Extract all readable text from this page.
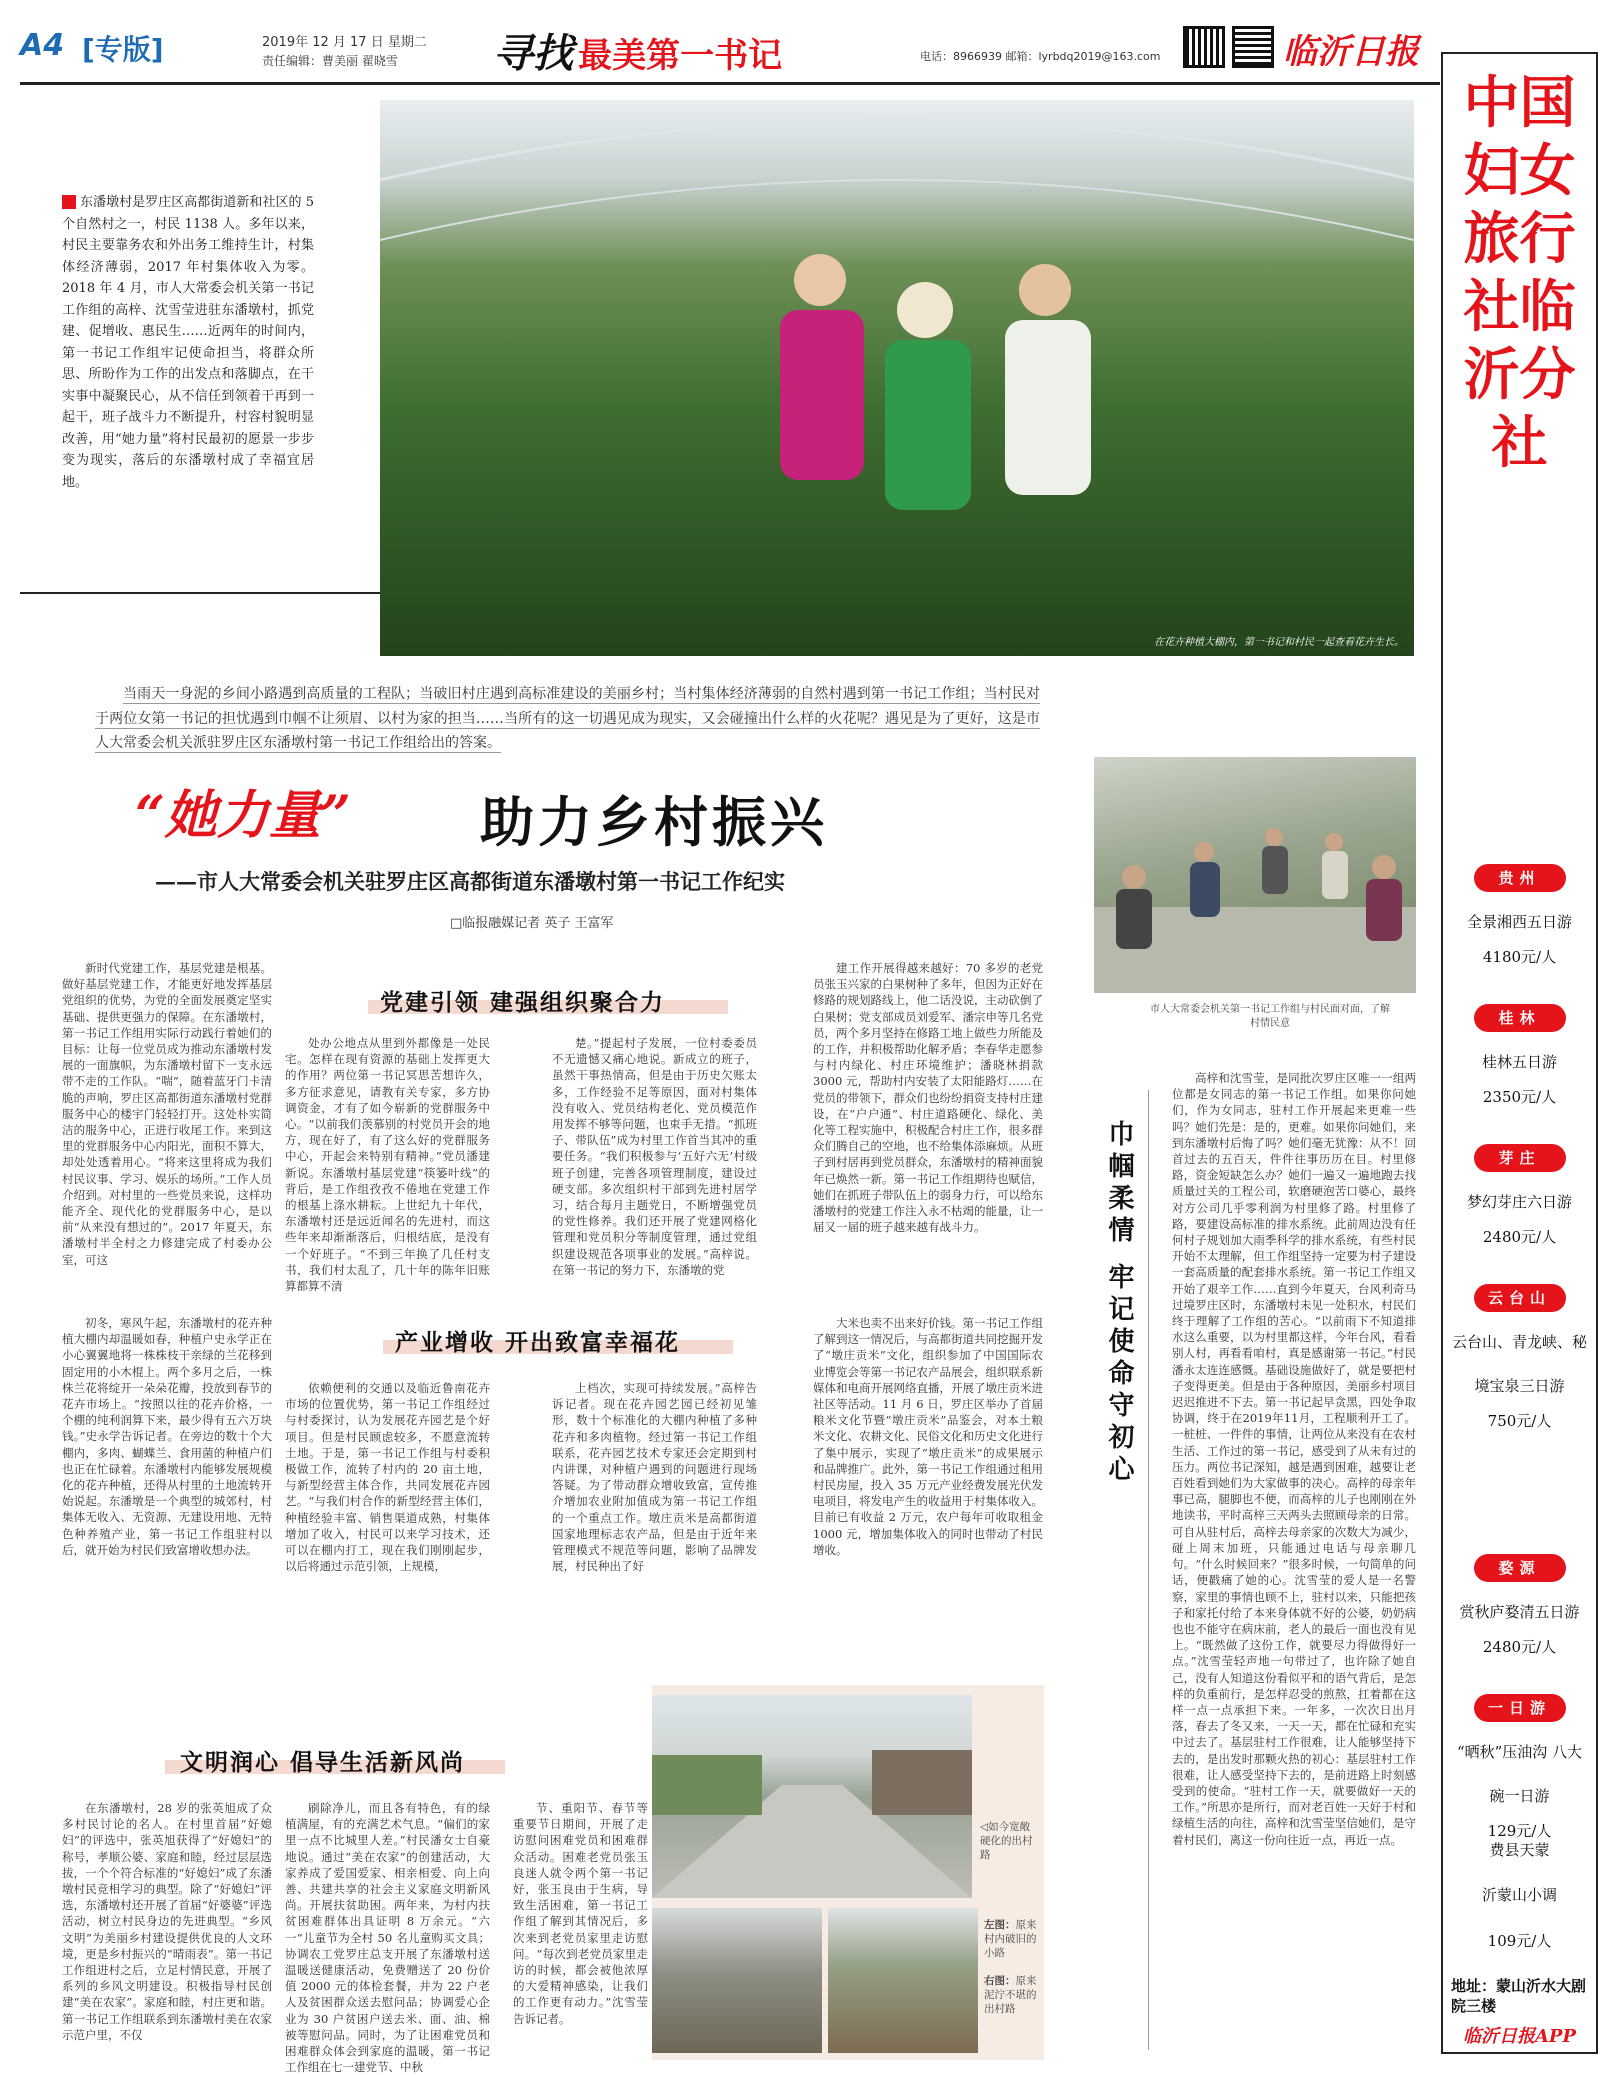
A4 [专版]	2019年 12 月 17 日 星期二
责任编辑：曹美丽 翟晓雪 寻找 最美第一书记	电话：8966939 邮箱：lyrbdq2019@163.com	临沂日报
东潘墩村是罗庄区高都街道新和社区的 5 个自然村之一，村民 1138 人。多年以来，村民主要靠务农和外出务工维持生计，村集体经济薄弱，2017 年村集体收入为零。2018 年 4 月，市人大常委会机关第一书记工作组的高梓、沈雪莹进驻东潘墩村，抓党建、促增收、惠民生……近两年的时间内，第一书记工作组牢记使命担当，将群众所思、所盼作为工作的出发点和落脚点，在干实事中凝聚民心，从不信任到领着干再到一起干，班子战斗力不断提升，村容村貌明显改善，用“她力量”将村民最初的愿景一步步变为现实，落后的东潘墩村成了幸福宜居地。
在花卉种植大棚内，第一书记和村民一起查看花卉生长。
当雨天一身泥的乡间小路遇到高质量的工程队；当破旧村庄遇到高标准建设的美丽乡村；当村集体经济薄弱的自然村遇到第一书记工作组；当村民对于两位女第一书记的担忧遇到巾帼不让须眉、以村为家的担当……当所有的这一切遇见成为现实，又会碰撞出什么样的火花呢？遇见是为了更好，这是市人大常委会机关派驻罗庄区东潘墩村第一书记工作组给出的答案。
“她力量” 助力乡村振兴
——市人大常委会机关驻罗庄区高都街道东潘墩村第一书记工作纪实
□临报融媒记者 英子 王富军
市人大常委会机关第一书记工作组与村民面对面，了解村情民意
党建引领 建强组织聚合力
新时代党建工作，基层党建是根基。做好基层党建工作，才能更好地发挥基层党组织的优势，为党的全面发展奠定坚实基础、提供更强力的保障。在东潘墩村，第一书记工作组用实际行动践行着她们的目标：让每一位党员成为推动东潘墩村发展的一面旗帜，为东潘墩村留下一支永远带不走的工作队。“喘”，随着蓝牙门卡清脆的声响，罗庄区高都街道东潘墩村党群服务中心的楼宇门轻轻打开。这处朴实简洁的服务中心，正进行收尾工作。来到这里的党群服务中心内阳光，面积不算大，却处处透着用心。“将来这里将成为我们村民议事、学习、娱乐的场所。”工作人员介绍到。对村里的一些党员来说，这样功能齐全、现代化的党群服务中心，是以前“从来没有想过的”。2017 年夏天，东潘墩村半全村之力修建完成了村委办公室，可这
处办公地点从里到外都像是一处民宅。怎样在现有资源的基础上发挥更大的作用？两位第一书记冥思苦想许久，多方征求意见，请教有关专家，多方协调资金，才有了如今崭新的党群服务中心。“以前我们羡慕别的村党员开会的地方，现在好了，有了这么好的党群服务中心，开起会来特别有精神。”党员潘建新说。东潘墩村基层党建“筷篓叶线”的背后，是工作组孜孜不倦地在党建工作的根基上涤水耕耘。上世纪九十年代，东潘墩村还是远近闻名的先进村，而这些年来却渐渐落后，归根结底，是没有一个好班子。“不到三年换了几任村支书，我们村太乱了，几十年的陈年旧账算都算不清
楚。”提起村子发展，一位村委委员不无遗憾又痛心地说。新成立的班子，虽然干事热情高，但是由于历史欠账太多，工作经验不足等原因，面对村集体没有收入、党员结构老化、党员模范作用发挥不够等问题，也束手无措。“抓班子、带队伍”成为村里工作首当其冲的重要任务。“我们积极参与‘五好六无’村级班子创建，完善各项管理制度，建设过硬支部。多次组织村干部到先进村居学习，结合每月主题党日，不断增强党员的党性修养。我们还开展了党建网格化管理和党员积分等制度管理，通过党组织建设规范各项事业的发展。”高梓说。在第一书记的努力下，东潘墩的党
建工作开展得越来越好：70 多岁的老党员张玉兴家的白果树种了多年，但因为正好在修路的规划路线上，他二话没说，主动砍倒了白果树；党支部成员刘爱军、潘宗申等几名党员，两个多月坚持在修路工地上做些力所能及的工作，并积极帮助化解矛盾；李春华走愿参与村内绿化、村庄环境维护；潘晓林捐款 3000 元，帮助村内安装了太阳能路灯……在党员的带领下，群众们也纷纷捐资支持村庄建设，在“户户通”、村庄道路硬化、绿化、美化等工程实施中，积极配合村庄工作，很多群众们腾自己的空地，也不给集体添麻烦。从班子到村居再到党员群众，东潘墩村的精神面貌年已焕然一新。第一书记工作组期待也赋信，她们在抓班子带队伍上的弱身力行，可以给东潘墩村的党建工作注入永不枯竭的能量，让一届又一届的班子越来越有战斗力。
产业增收 开出致富幸福花
初冬，寒风午起，东潘墩村的花卉种植大棚内却温暖如春，种植户史永学正在小心翼翼地将一株株枝干亲绿的兰花移到固定用的小木棍上。两个多月之后，一株株兰花将绽开一朵朵花瓣，投放到春节的花卉市场上。“按照以往的花卉价格，一个棚的纯利润算下来，最少得有五六万块钱。”史永学告诉记者。在旁边的数十个大棚内，多肉、蝴蝶兰、食用菌的种植户们也正在忙碌着。东潘墩村内能够发展规模化的花卉种植，还得从村里的土地流转开始说起。东潘墩是一个典型的城郊村，村集体无收入、无资源、无建设用地、无特色种养殖产业，第一书记工作组驻村以后，就开始为村民们致富增收想办法。
依赖便利的交通以及临近鲁南花卉市场的位置优势，第一书记工作组经过与村委探讨，认为发展花卉园艺是个好项目。但是村民顾虑较多，不愿意流转土地。于是，第一书记工作组与村委积极做工作，流转了村内的 20 亩土地，与新型经营主体合作，共同发展花卉园艺。“与我们村合作的新型经营主体们，种植经验丰富、销售渠道成熟，村集体增加了收入，村民可以来学习技术，还可以在棚内打工，现在我们刚刚起步，以后将通过示范引领，上规模，
上档次，实现可持续发展。”高梓告诉记者。现在花卉园艺园已经初见雏形，数十个标准化的大棚内种植了多种花卉和多肉植物。经过第一书记工作组联系，花卉园艺技术专家还会定期到村内讲课，对种植户遇到的问题进行现场答疑。为了带动群众增收致富，宣传推介增加农业附加值成为第一书记工作组的一个重点工作。墩庄贡米是高都街道国家地理标志农产品，但是由于近年来管理模式不规范等问题，影响了品牌发展，村民种出了好
大米也卖不出来好价钱。第一书记工作组了解到这一情况后，与高都街道共同挖掘开发了“墩庄贡米”文化，组织参加了中国国际农业博览会等第一书记农产品展会，组织联系新媒体和电商开展网络直播，开展了墩庄贡米进社区等活动。11 月 6 日，罗庄区举办了首届粮米文化节暨“墩庄贡米”品鉴会，对本土粮米文化、农耕文化、民俗文化和历史文化进行了集中展示，实现了“墩庄贡米”的成果展示和品牌推广。此外，第一书记工作组通过租用村民房屋，投入 35 万元产业经费发展光伏发电项目，将发电产生的收益用于村集体收入。目前已有收益 2 万元，农户每年可收取租金 1000 元，增加集体收入的同时也带动了村民增收。
文明润心 倡导生活新风尚
在东潘墩村，28 岁的张英旭成了众多村民讨论的名人。在村里首届“好媳妇”的评选中，张英旭获得了“好媳妇”的称号，孝顺公婆、家庭和睦，经过层层选拔，一个个符合标准的“好媳妇”成了东潘墩村民竞相学习的典型。除了“好媳妇”评选，东潘墩村还开展了首届“好婆婆”评选活动，树立村民身边的先进典型。“乡风文明”为美丽乡村建设提供优良的人文环境，更是乡村振兴的“晴雨表”。第一书记工作组进村之后，立足村情民意，开展了系列的乡风文明建设。积极指导村民创建“美在农家”。家庭和睦，村庄更和谐。第一书记工作组联系到东潘墩村美在农家示范户里，不仅
刷除净儿，而且各有特色，有的绿植满屋，有的充满艺术气息。“偏们的家里一点不比城里人差。”村民潘女士自豪地说。通过“美在农家”的创建活动，大家养成了爱国爱家、相亲相爱、向上向善、共建共享的社会主义家庭文明新风尚。开展扶贫助困。两年来，为村内扶贫困难群体出具证明 8 万余元。“六一”儿童节为全村 50 名儿童购买文具；协调农工党罗庄总支开展了东潘墩村送温暖送健康活动，免费赠送了 20 份价值 2000 元的体检套餐，并为 22 户老人及贫困群众送去慰问品；协调爱心企业为 30 户贫困户送去米、面、油、棉被等慰问品。同时，为了让困难党员和困难群众体会到家庭的温暖，第一书记工作组在七一建党节、中秋
节、重阳节、春节等重要节日期间，开展了走访慰问困难党员和困难群众活动。困难老党员张玉良迷人就令两个第一书记好，张玉良由于生病，导致生活困难，第一书记工作组了解到其情况后，多次来到老党员家里走访慰问。“每次到老党员家里走访的时候，都会被他浓厚的大爱精神感染，让我们的工作更有动力。”沈雪莹告诉记者。
◁如今宽敞硬化的出村路
左图：原来村内破旧的小路

右图：原来泥泞不堪的出村路
巾帼柔情 牢记使命守初心
高梓和沈雪莹，是同批次罗庄区唯一一组两位都是女同志的第一书记工作组。如果你问她们，作为女同志，驻村工作开展起来更难一些吗？她们先是：是的，更难。如果你问她们，来到东潘墩村后悔了吗？她们毫无犹豫：从不！回首过去的五百天，件件往事历历在目。村里修路，资金短缺怎么办？她们一遍又一遍地跑去找质量过关的工程公司，软磨硬泡苦口婆心，最终对方公司几乎零利润为村里修了路。村里修了路，要建设高标准的排水系统。此前周边没有任何村子规划加大雨季科学的排水系统，有些村民开始不太理解，但工作组坚持一定要为村子建设一套高质量的配套排水系统。第一书记工作组又开始了艰辛工作……直到今年夏天，台风利奇马过境罗庄区时，东潘墩村未见一处积水，村民们终于理解了工作组的苦心。“以前雨下不知道排水这么重要，以为村里都这样，今年台风，看看别人村，再看看咱村，真是感谢第一书记。”村民潘永太连连感慨。基础设施做好了，就是要把村子变得更美。但是由于各种原因，美丽乡村项目迟迟推进不下去。第一书记起早贪黑，四处争取协调，终于在2019年11月，工程顺利开工了。一桩桩、一件件的事情，让两位从来没有在农村生活、工作过的第一书记，感受到了从未有过的压力。两位书记深知，越是遇到困难，越要让老百姓看到她们为大家做事的决心。高梓的母亲年事已高，腿脚也不便，而高梓的儿子也刚刚在外地读书，平时高梓三天两头去照顾母亲的日常。可自从驻村后，高梓去母亲家的次数大为减少，碰上周末加班，只能通过电话与母亲聊几句。“什么时候回来？”很多时候，一句简单的问话，便戳痛了她的心。沈雪莹的爱人是一名警察，家里的事情也顾不上，驻村以来，只能把孩子和家托付给了本来身体就不好的公婆，奶奶病也也不能守在病床前，老人的最后一面也没有见上。“既然做了这份工作，就要尽力得做得好一点。”沈雪莹轻声地一句带过了，也许除了她自己，没有人知道这份看似平和的语气背后，是怎样的负重前行，是怎样忍受的煎熬，扛着都在这样一点一点承担下来。一年多，一次次日出月落，春去了冬又来，一天一天，都在忙碌和充实中过去了。基层驻村工作很难，让人能够坚持下去的，是出发时那颗火热的初心：基层驻村工作很难，让人感受坚持下去的，是前进路上时刻感受到的使命。“驻村工作一天，就要做好一天的工作。”所思亦是所行，而对老百姓一天好于村和绿植生活的向往，高梓和沈雪莹坚信她们，是守着村民们，离这一份向往近一点，再近一点。
中国妇女旅行社临沂分社
贵州
全景湘西五日游
4180元/人
桂林
桂林五日游
2350元/人
芽庄
梦幻芽庄六日游
2480元/人
云台山
云台山、青龙峡、秘境宝泉三日游
750元/人
婺源
赏秋庐婺清五日游
2480元/人
一日游
“晒秋”压油沟 八大碗一日游
129元/人
费县天蒙
沂蒙山小调
109元/人
地址：蒙山沂水大剧院三楼
临沂日报APP
